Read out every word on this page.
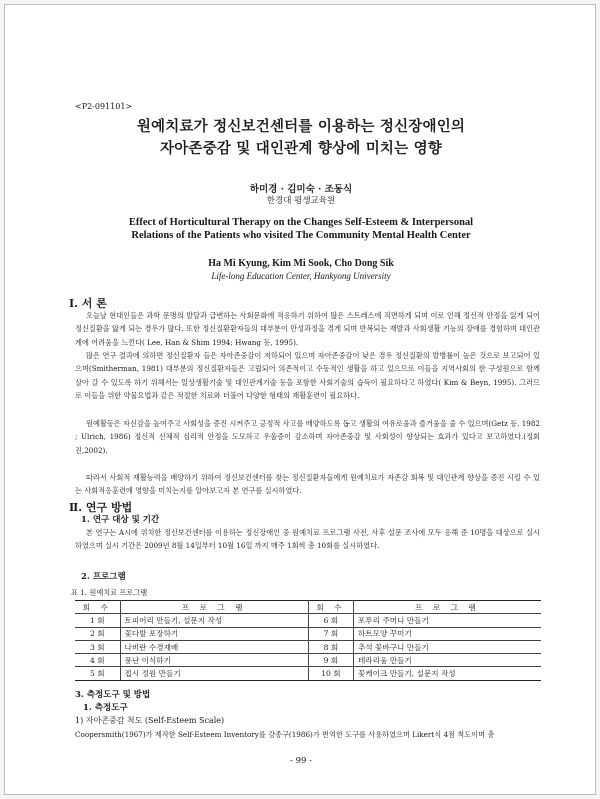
<P2-091101>
원예치료가 정신보건센터를 이용하는 정신장애인의
자아존중감 및 대인관계 향상에 미치는 영향
하미경 · 김미숙 · 조동식
한경대 평생교육원
Effect of Horticultural Therapy on the Changes Self-Esteem & Interpersonal
Relations of the Patients who visited The Community Mental Health Center
Ha Mi Kyung, Kim Mi Sook, Cho Dong Sik
Life-long Education Center, Hankyong University
Ⅰ. 서 론

오늘날 현대인들은 과학 문명의 발달과 급변하는 사회문화에 적응하기 위하여 많은 스트레스에 직면하게 되며 이로 인해 정신적 안정을 잃게 되어 정신질환을 앓게 되는 경우가 많다. 또한 정신질환환자들의 대부분이 만성과정을 겪게 되며 반복되는 재발과 사회생활 기능의 장애를 경험하며 대인관계에 어려움을 느낀다( Lee, Han & Shim 1994; Hwang 등, 1995).

많은 연구 결과에 의하면 정신질환자 들은 자아존중감이 저하되어 있으며 자아존중감이 낮은 경우 정신질환의 발병률이 높은 것으로 보고되어 있으며(Smitherman, 1981) 대부분의 정신질환자들은 고립되어 의존적이고 수동적인 생활을 하고 있으므로 이들을 지역사회의 한 구성원으로 함께 살아 갈 수 있도록 하기 위해서는 일상생활기술 및 대인관계기술 등을 포함한 사회기술의 습득이 필요하다고 하였다( Kim & Beyn, 1995). 그러므로 이들을 위한 약물요법과 같은 적절한 치료와 더불어 다양한 형태의 재활훈련이 필요하다.

원예활동은 자신감을 높여주고 사회성을 증진 시켜주고 긍정적 사고를 배양하도록 돕고 생활의 여유로움과 즐거움을 줄 수 있으며(Getz 등, 1982 ; Ulrich, 1986) 정신적 신체적 심리적 안정을 도모하고 우울증이 감소하며 자아존중감 및 사회성이 향상되는 효과가 있다고 보고하였다.(정회진,2002).

따라서 사회적 재활능력을 배양하기 위하여 정신보건센터를 찾는 정신질환자들에게 원예치료가 자존감 회복 및 대인관계 향상을 증진 시킬 수 있는 사회적응훈련에 영향을 미치는지를 알아보고자 본 연구를 실시하였다.

Ⅱ. 연구 방법
1. 연구 대상 및 기간

본 연구는 A시에 위치한 정신보건센터를 이용하는 정신장애인 중 원예치료 프로그램 사전, 사후 설문 조사에 모두 응해 준 10명을 대상으로 실시하였으며 실시 기간은 2009년 8월 14일부터 10월 16일 까지 매주 1회씩 총 10회를 실시하였다.

2. 프로그램
표 1. 원예치료 프로그램
회 수	프 로 그 램	회 수	프 로 그 램
1 회	토피어리 만들기, 설문지 작성	6 회	포푸리 주머니 만들기
2 회	꽃다발 포장하기	7 회	하트모양 꾸미기
3 회	나비란 수경재배	8 회	추석 꽃바구니 만들기
4 회	풍난 이식하기	9 회	테라리움 만들기
5 회	접시 정원 만들기	10 회	꽃케이크 만들기, 설문지 작성
3. 측정도구 및 방법
1. 측정도구
1) 자아존중감 척도 (Self-Esteem Scale)

Coopersmith(1967)가 제작한 Self-Esteem Inventory를 강종구(1986)가 번역한 도구를 사용하였으며 Likert식 4점 척도이며 총

- 99 -
